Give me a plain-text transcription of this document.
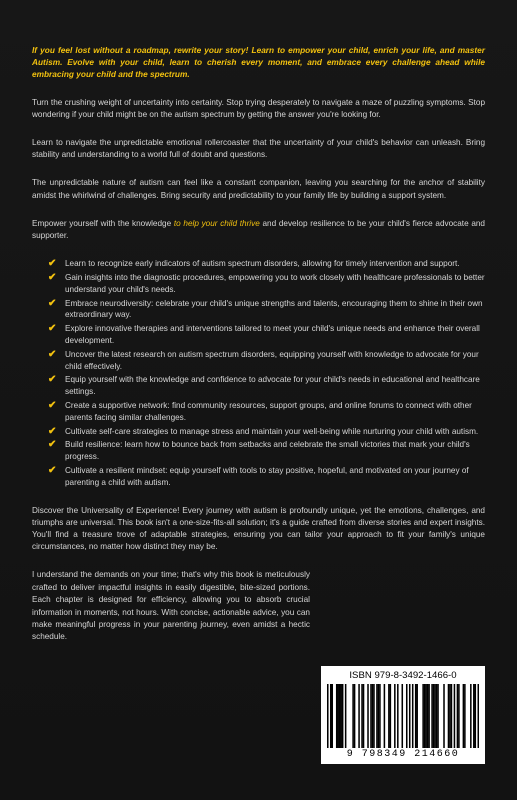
If you feel lost without a roadmap, rewrite your story! Learn to empower your child, enrich your life, and master Autism. Evolve with your child, learn to cherish every moment, and embrace every challenge ahead while embracing your child and the spectrum.

Turn the crushing weight of uncertainty into certainty. Stop trying desperately to navigate a maze of puzzling symptoms. Stop wondering if your child might be on the autism spectrum by getting the answer you're looking for.

Learn to navigate the unpredictable emotional rollercoaster that the uncertainty of your child's behavior can unleash. Bring stability and understanding to a world full of doubt and questions.

The unpredictable nature of autism can feel like a constant companion, leaving you searching for the anchor of stability amidst the whirlwind of challenges. Bring security and predictability to your family life by building a support system.

Empower yourself with the knowledge to help your child thrive and develop resilience to be your child's fierce advocate and supporter.

✔ Learn to recognize early indicators of autism spectrum disorders, allowing for timely intervention and support.
✔ Gain insights into the diagnostic procedures, empowering you to work closely with healthcare professionals to better understand your child's needs.
✔ Embrace neurodiversity: celebrate your child's unique strengths and talents, encouraging them to shine in their own extraordinary way.
✔ Explore innovative therapies and interventions tailored to meet your child's unique needs and enhance their overall development.
✔ Uncover the latest research on autism spectrum disorders, equipping yourself with knowledge to advocate for your child effectively.
✔ Equip yourself with the knowledge and confidence to advocate for your child's needs in educational and healthcare settings.
✔ Create a supportive network: find community resources, support groups, and online forums to connect with other parents facing similar challenges.
✔ Cultivate self-care strategies to manage stress and maintain your well-being while nurturing your child with autism.
✔ Build resilience: learn how to bounce back from setbacks and celebrate the small victories that mark your child's progress.
✔ Cultivate a resilient mindset: equip yourself with tools to stay positive, hopeful, and motivated on your journey of parenting a child with autism.

Discover the Universality of Experience! Every journey with autism is profoundly unique, yet the emotions, challenges, and triumphs are universal. This book isn't a one-size-fits-all solution; it's a guide crafted from diverse stories and expert insights. You'll find a treasure trove of adaptable strategies, ensuring you can tailor your approach to fit your family's unique circumstances, no matter how distinct they may be.

I understand the demands on your time; that's why this book is meticulously crafted to deliver impactful insights in easily digestible, bite-sized portions. Each chapter is designed for efficiency, allowing you to absorb crucial information in moments, not hours. With concise, actionable advice, you can make meaningful progress in your parenting journey, even amidst a hectic schedule.

ISBN 979-8-3492-1466-0
9 798349 214660
